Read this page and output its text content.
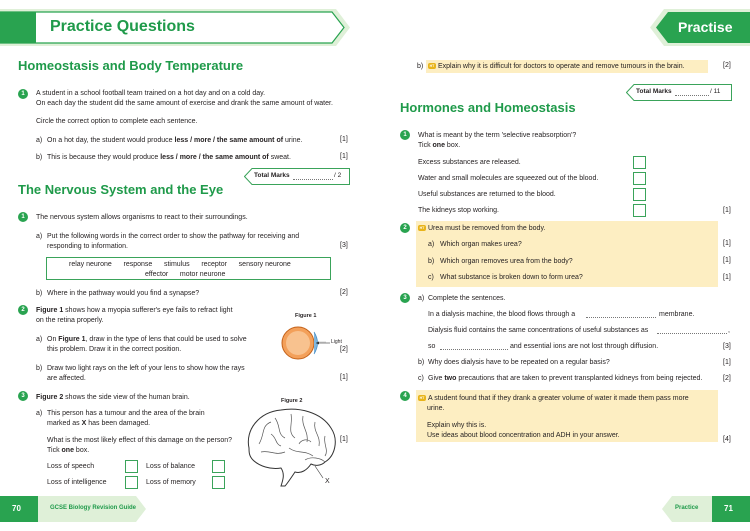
Practice Questions
Homeostasis and Body Temperature
1	A student in a school football team trained on a hot day and on a cold day.
On each day the student did the same amount of exercise and drank the same amount of water.
Circle the correct option to complete each sentence.
a) On a hot day, the student would produce less / more / the same amount of urine.	[1]
b) This is because they would produce less / more / the same amount of sweat.	[1]
Total Marks	/ 2
The Nervous System and the Eye
1	The nervous system allows organisms to react to their surroundings.
a) Put the following words in the correct order to show the pathway for receiving and
responding to information.	[3]
relay neurone response stimulus receptor sensory neurone
effector motor neurone
b) Where in the pathway would you find a synapse?	[2]
2	Figure 1 shows how a myopia sufferer's eye fails to refract light
on the retina properly.
Figure 1
Light
a) On Figure 1, draw in the type of lens that could be used to solve
this problem. Draw it in the correct position.	[2]
b) Draw two light rays on the left of your lens to show how the rays
are affected.	[1]
3	Figure 2 shows the side view of the human brain.	Figure 2
X
a) This person has a tumour and the area of the brain
marked as X has been damaged.
What is the most likely effect of this damage on the person?
Tick one box.
[1]
Loss of speech	Loss of balance
Loss of intelligence	Loss of memory
70	GCSE Biology Revision Guide
Practise
b)	HT Explain why it is difficult for doctors to operate and remove tumours in the brain.	[2]
Total Marks	/ 11
Hormones and Homeostasis
1	What is meant by the term 'selective reabsorption'?
Tick one box.
Excess substances are released.
Water and small molecules are squeezed out of the blood.
Useful substances are returned to the blood.
The kidneys stop working.	[1]
2	HT Urea must be removed from the body.
a) Which organ makes urea?	[1]
b) Which organ removes urea from the body?	[1]
c) What substance is broken down to form urea?	[1]
3	a) Complete the sentences.
In a dialysis machine, the blood flows through a	membrane.
Dialysis fluid contains the same concentrations of useful substances as	,
so	and essential ions are not lost through diffusion.	[3]
b) Why does dialysis have to be repeated on a regular basis?	[1]
c) Give two precautions that are taken to prevent transplanted kidneys from being rejected.	[2]
4	HT A student found that if they drank a greater volume of water it made them pass more
urine.
Explain why this is.
Use ideas about blood concentration and ADH in your answer.
[4]
Practice	71
